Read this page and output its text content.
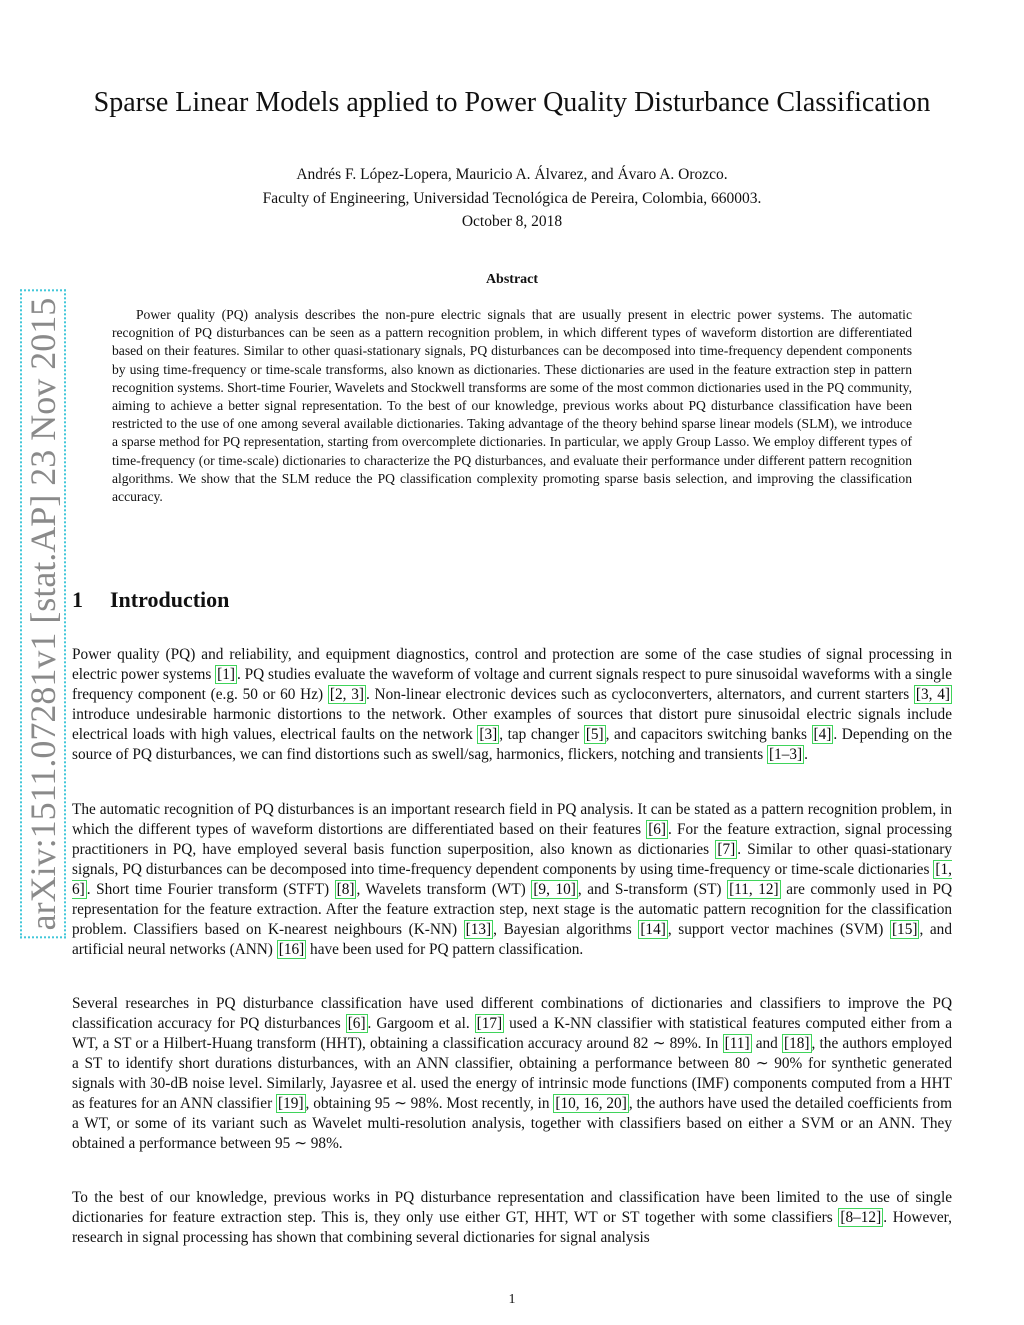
arXiv:1511.07281v1 [stat.AP] 23 Nov 2015
Sparse Linear Models applied to Power Quality Disturbance Classification

Andrés F. López-Lopera, Mauricio A. Álvarez, and Ávaro A. Orozco.

Faculty of Engineering, Universidad Tecnológica de Pereira, Colombia, 660003.

October 8, 2018

Abstract

Power quality (PQ) analysis describes the non-pure electric signals that are usually present in electric power systems. The automatic recognition of PQ disturbances can be seen as a pattern recognition problem, in which different types of waveform distortion are differentiated based on their features. Similar to other quasi-stationary signals, PQ disturbances can be decomposed into time-frequency dependent components by using time-frequency or time-scale transforms, also known as dictionaries. These dictionaries are used in the feature extraction step in pattern recognition systems. Short-time Fourier, Wavelets and Stockwell transforms are some of the most common dictionaries used in the PQ community, aiming to achieve a better signal representation. To the best of our knowledge, previous works about PQ disturbance classification have been restricted to the use of one among several available dictionaries. Taking advantage of the theory behind sparse linear models (SLM), we introduce a sparse method for PQ representation, starting from overcomplete dictionaries. In particular, we apply Group Lasso. We employ different types of time-frequency (or time-scale) dictionaries to characterize the PQ disturbances, and evaluate their performance under different pattern recognition algorithms. We show that the SLM reduce the PQ classification complexity promoting sparse basis selection, and improving the classification accuracy.

1 Introduction

Power quality (PQ) and reliability, and equipment diagnostics, control and protection are some of the case studies of signal processing in electric power systems [1] . PQ studies evaluate the waveform of voltage and current signals respect to pure sinusoidal waveforms with a single frequency component (e.g. 50 or 60 Hz) [2, 3] . Non-linear electronic devices such as cycloconverters, alternators, and current starters [3, 4] introduce undesirable harmonic distortions to the network. Other examples of sources that distort pure sinusoidal electric signals include electrical loads with high values, electrical faults on the network [3] , tap changer [5] , and capacitors switching banks [4] . Depending on the source of PQ disturbances, we can find distortions such as swell/sag, harmonics, flickers, notching and transients [1–3] .

The automatic recognition of PQ disturbances is an important research field in PQ analysis. It can be stated as a pattern recognition problem, in which the different types of waveform distortions are differentiated based on their features [6] . For the feature extraction, signal processing practitioners in PQ, have employed several basis function superposition, also known as dictionaries [7] . Similar to other quasi-stationary signals, PQ disturbances can be decomposed into time-frequency dependent components by using time-frequency or time-scale dictionaries [1, 6] . Short time Fourier transform (STFT) [8] , Wavelets transform (WT) [9, 10] , and S-transform (ST) [11, 12] are commonly used in PQ representation for the feature extraction. After the feature extraction step, next stage is the automatic pattern recognition for the classification problem. Classifiers based on K-nearest neighbours (K-NN) [13] , Bayesian algorithms [14] , support vector machines (SVM) [15] , and artificial neural networks (ANN) [16] have been used for PQ pattern classification.

Several researches in PQ disturbance classification have used different combinations of dictionaries and classifiers to improve the PQ classification accuracy for PQ disturbances [6] . Gargoom et al. [17] used a K-NN classifier with statistical features computed either from a WT, a ST or a Hilbert-Huang transform (HHT), obtaining a classification accuracy around 82 ∼ 89%. In [11] and [18] , the authors employed a ST to identify short durations disturbances, with an ANN classifier, obtaining a performance between 80 ∼ 90% for synthetic generated signals with 30-dB noise level. Similarly, Jayasree et al. used the energy of intrinsic mode functions (IMF) components computed from a HHT as features for an ANN classifier [19] , obtaining 95 ∼ 98%. Most recently, in [10, 16, 20] , the authors have used the detailed coefficients from a WT, or some of its variant such as Wavelet multi-resolution analysis, together with classifiers based on either a SVM or an ANN. They obtained a performance between 95 ∼ 98%.

To the best of our knowledge, previous works in PQ disturbance representation and classification have been limited to the use of single dictionaries for feature extraction step. This is, they only use either GT, HHT, WT or ST together with some classifiers [8–12] . However, research in signal processing has shown that combining several dictionaries for signal analysis

1
